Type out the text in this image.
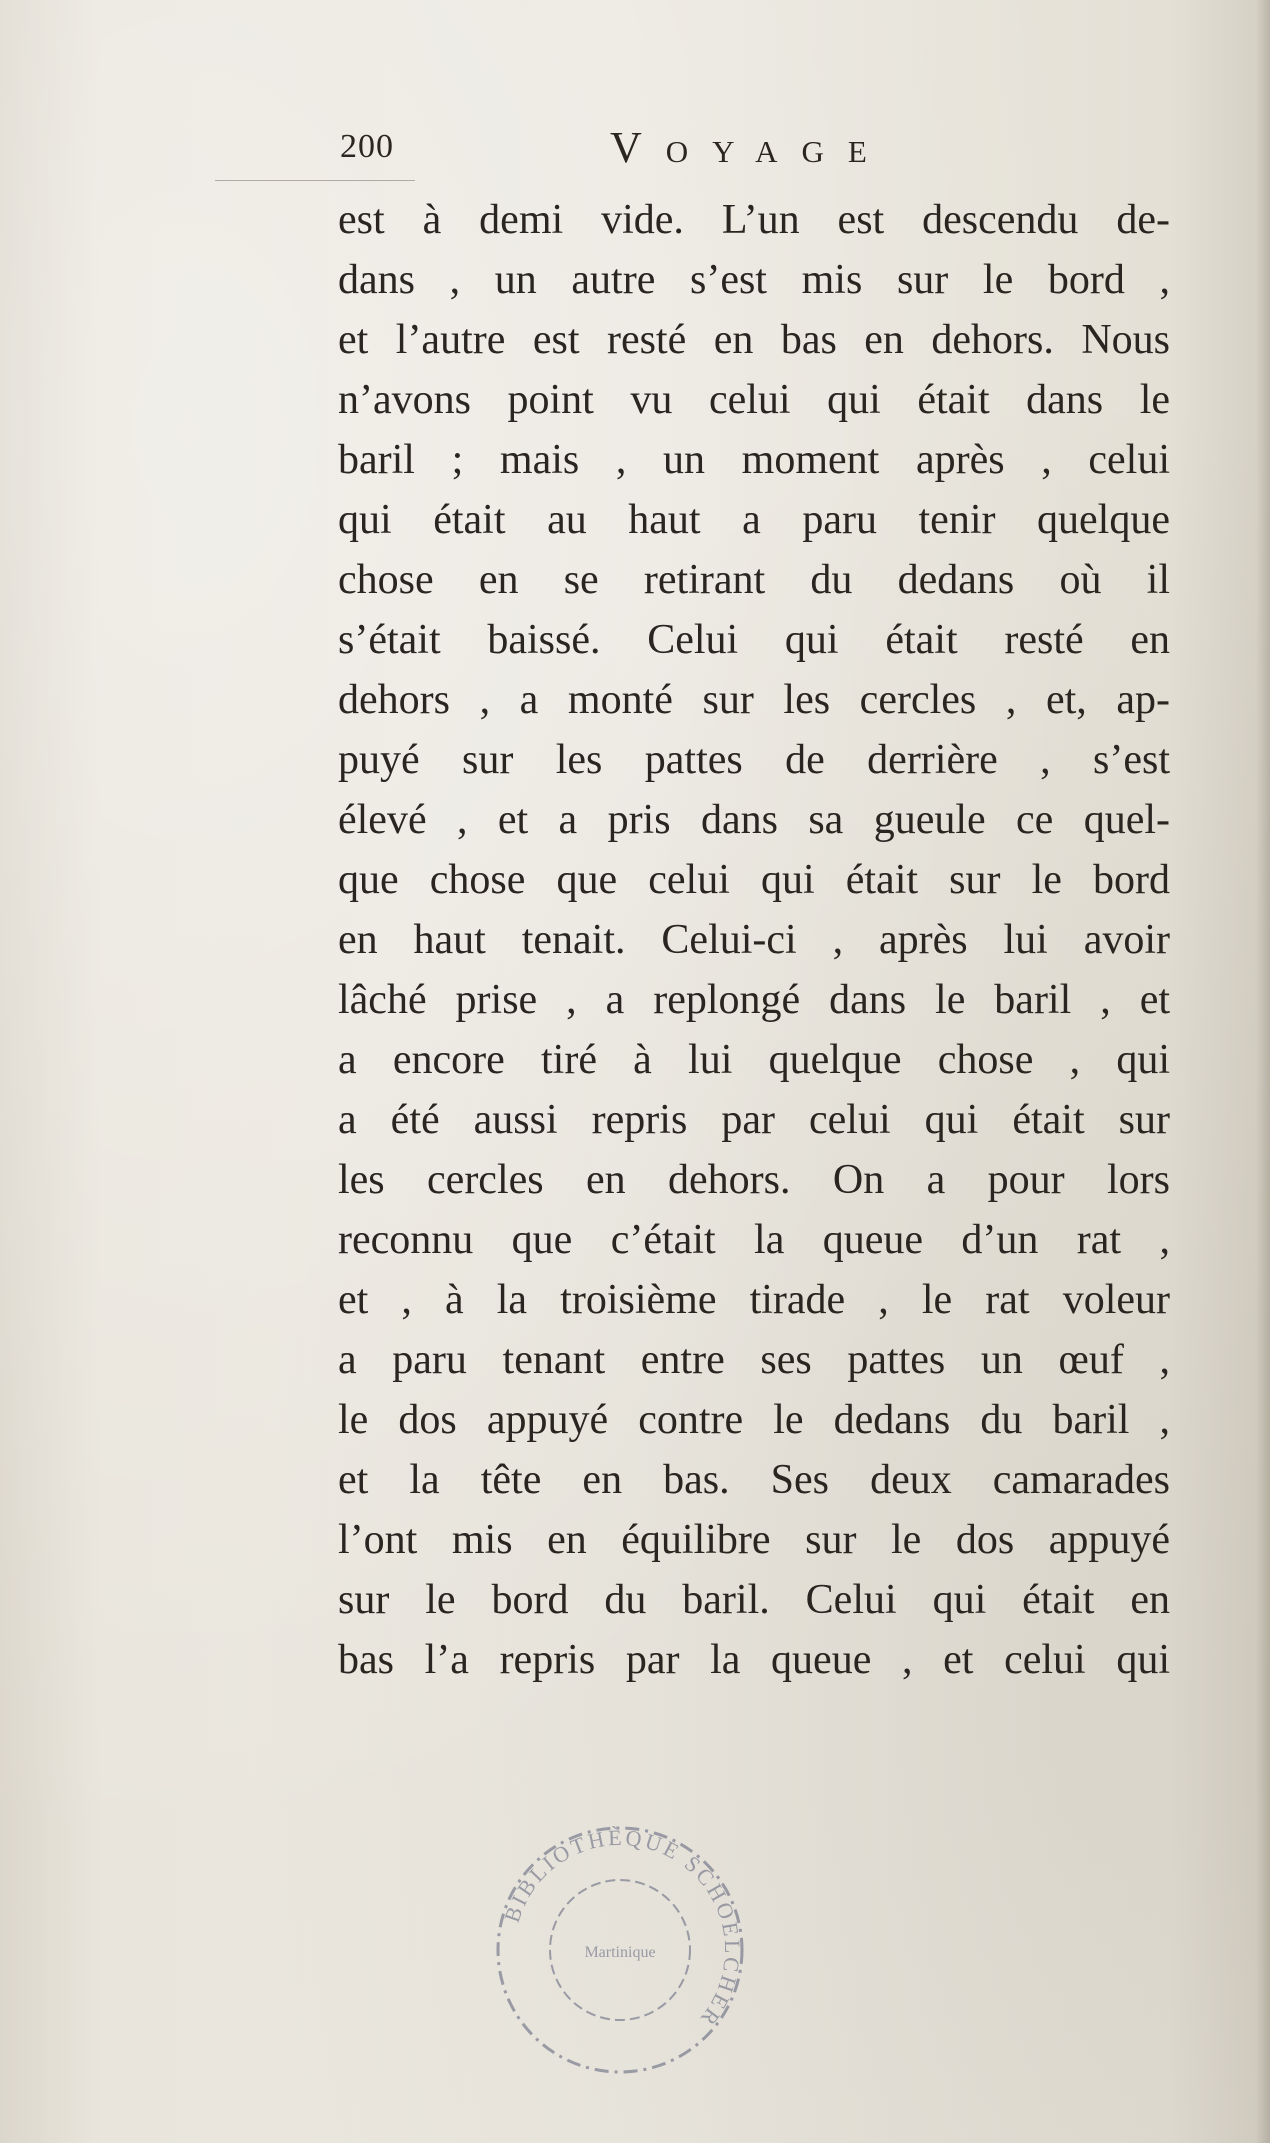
200	Voyage
est à demi vide. L’un est descendu de-
dans , un autre s’est mis sur le bord ,
et l’autre est resté en bas en dehors. Nous
n’avons point vu celui qui était dans le
baril ; mais , un moment après , celui
qui était au haut a paru tenir quelque
chose en se retirant du dedans où il
s’était baissé. Celui qui était resté en
dehors , a monté sur les cercles , et, ap-
puyé sur les pattes de derrière , s’est
élevé , et a pris dans sa gueule ce quel-
que chose que celui qui était sur le bord
en haut tenait. Celui-ci , après lui avoir
lâché prise , a replongé dans le baril , et
a encore tiré à lui quelque chose , qui
a été aussi repris par celui qui était sur
les cercles en dehors. On a pour lors
reconnu que c’était la queue d’un rat ,
et , à la troisième tirade , le rat voleur
a paru tenant entre ses pattes un œuf ,
le dos appuyé contre le dedans du baril ,
et la tête en bas. Ses deux camarades
l’ont mis en équilibre sur le dos appuyé
sur le bord du baril. Celui qui était en
bas l’a repris par la queue , et celui qui
BIBLIOTHÈQUE SCHOELCHER
Martinique
